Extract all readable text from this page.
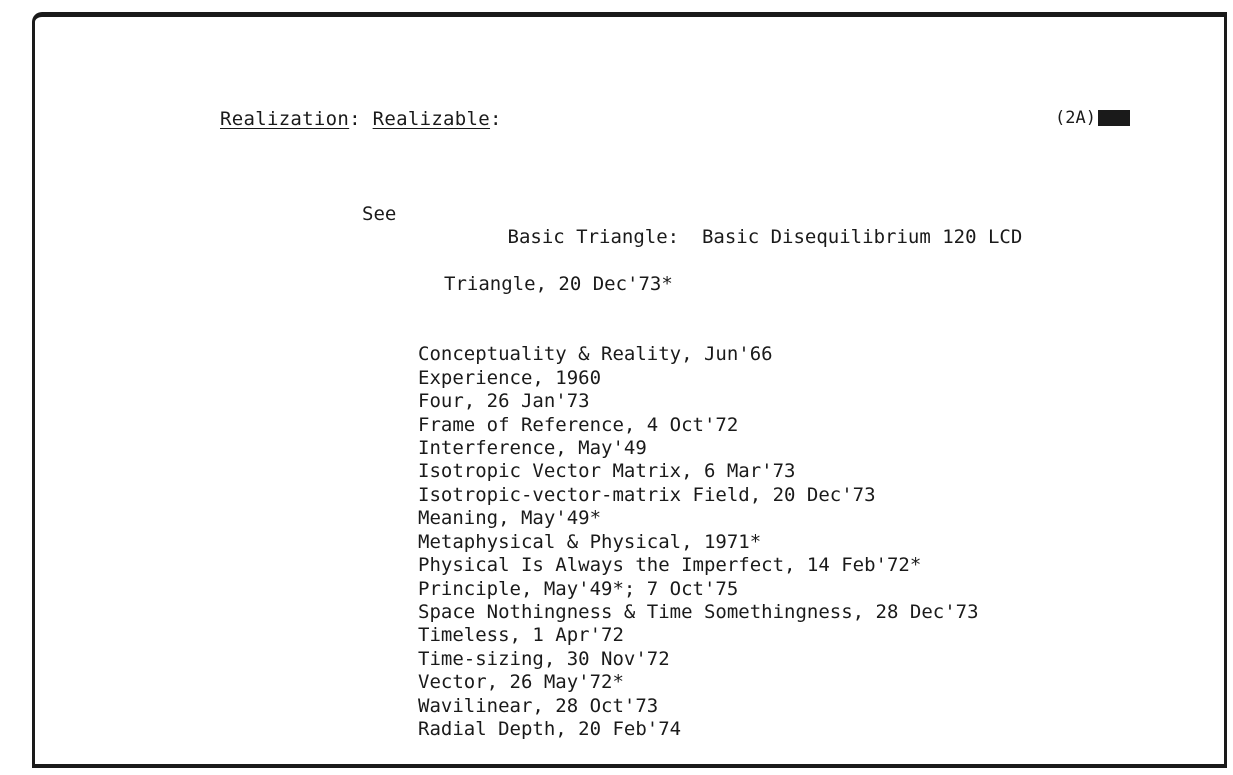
Realization: Realizable:	(2A)
See

Basic Triangle:  Basic Disequilibrium 120 LCD

Triangle, 20 Dec'73*

Conceptuality & Reality, Jun'66
Experience, 1960
Four, 26 Jan'73
Frame of Reference, 4 Oct'72
Interference, May'49
Isotropic Vector Matrix, 6 Mar'73
Isotropic-vector-matrix Field, 20 Dec'73
Meaning, May'49*
Metaphysical & Physical, 1971*
Physical Is Always the Imperfect, 14 Feb'72*
Principle, May'49*; 7 Oct'75
Space Nothingness & Time Somethingness, 28 Dec'73
Timeless, 1 Apr'72
Time-sizing, 30 Nov'72
Vector, 26 May'72*
Wavilinear, 28 Oct'73
Radial Depth, 20 Feb'74
